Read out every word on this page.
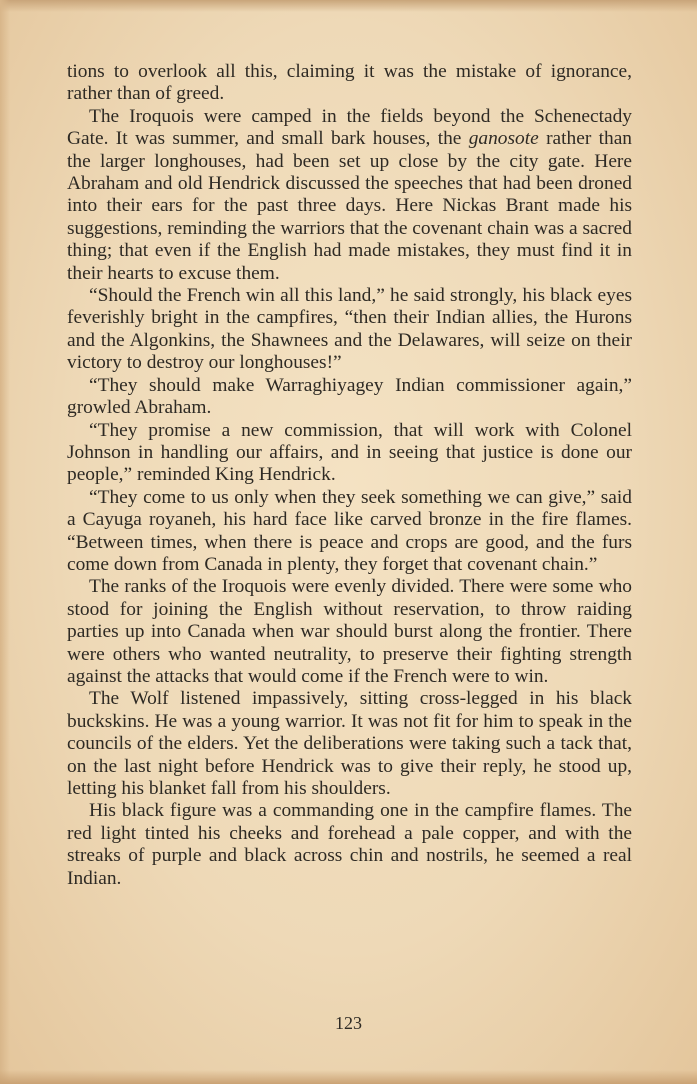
tions to overlook all this, claiming it was the mistake of ignorance, rather than of greed.

The Iroquois were camped in the fields beyond the Schenectady Gate. It was summer, and small bark houses, the ganosote rather than the larger longhouses, had been set up close by the city gate. Here Abraham and old Hendrick discussed the speeches that had been droned into their ears for the past three days. Here Nickas Brant made his suggestions, reminding the warriors that the covenant chain was a sacred thing; that even if the English had made mistakes, they must find it in their hearts to excuse them.

“Should the French win all this land,” he said strongly, his black eyes feverishly bright in the campfires, “then their Indian allies, the Hurons and the Algonkins, the Shawnees and the Delawares, will seize on their victory to destroy our longhouses!”

“They should make Warraghiyagey Indian commissioner again,” growled Abraham.

“They promise a new commission, that will work with Colonel Johnson in handling our affairs, and in seeing that justice is done our people,” reminded King Hendrick.

“They come to us only when they seek something we can give,” said a Cayuga royaneh, his hard face like carved bronze in the fire flames. “Between times, when there is peace and crops are good, and the furs come down from Canada in plenty, they forget that covenant chain.”

The ranks of the Iroquois were evenly divided. There were some who stood for joining the English without reservation, to throw raiding parties up into Canada when war should burst along the frontier. There were others who wanted neutrality, to preserve their fighting strength against the attacks that would come if the French were to win.

The Wolf listened impassively, sitting cross-legged in his black buckskins. He was a young warrior. It was not fit for him to speak in the councils of the elders. Yet the deliberations were taking such a tack that, on the last night before Hendrick was to give their reply, he stood up, letting his blanket fall from his shoulders.

His black figure was a commanding one in the campfire flames. The red light tinted his cheeks and forehead a pale copper, and with the streaks of purple and black across chin and nostrils, he seemed a real Indian.

123
